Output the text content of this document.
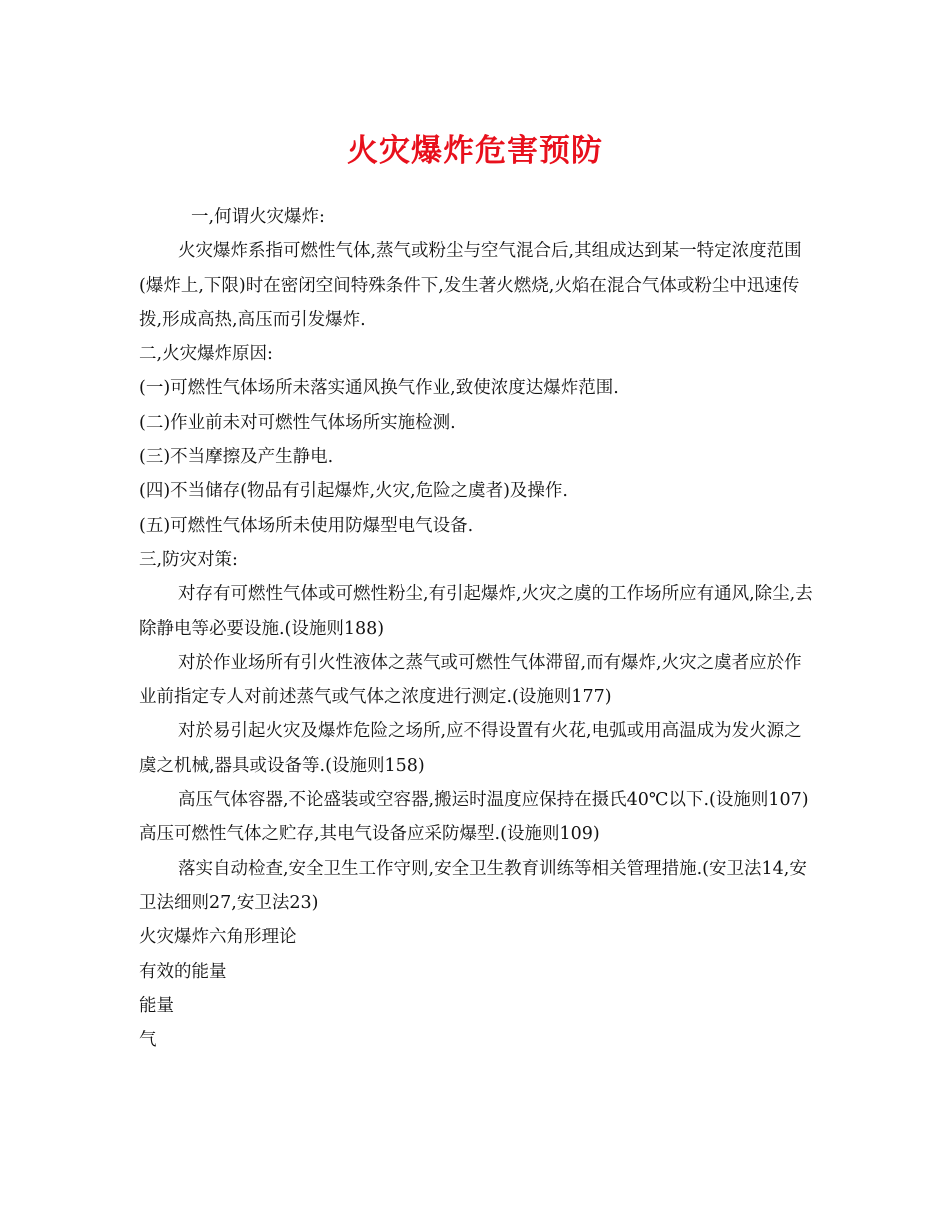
火灾爆炸危害预防

一,何谓火灾爆炸:

火灾爆炸系指可燃性气体,蒸气或粉尘与空气混合后,其组成达到某一特定浓度范围(爆炸上,下限)时在密闭空间特殊条件下,发生著火燃烧,火焰在混合气体或粉尘中迅速传拨,形成高热,高压而引发爆炸.

二,火灾爆炸原因:

(一)可燃性气体场所未落实通风换气作业,致使浓度达爆炸范围.

(二)作业前未对可燃性气体场所实施检测.

(三)不当摩擦及产生静电.

(四)不当储存(物品有引起爆炸,火灾,危险之虞者)及操作.

(五)可燃性气体场所未使用防爆型电气设备.

三,防灾对策:

对存有可燃性气体或可燃性粉尘,有引起爆炸,火灾之虞的工作场所应有通风,除尘,去除静电等必要设施.(设施则188)

对於作业场所有引火性液体之蒸气或可燃性气体滞留,而有爆炸,火灾之虞者应於作业前指定专人对前述蒸气或气体之浓度进行测定.(设施则177)

对於易引起火灾及爆炸危险之场所,应不得设置有火花,电弧或用高温成为发火源之虞之机械,器具或设备等.(设施则158)

高压气体容器,不论盛装或空容器,搬运时温度应保持在摄氏40℃以下.(设施则107)

高压可燃性气体之贮存,其电气设备应采防爆型.(设施则109)

落实自动检查,安全卫生工作守则,安全卫生教育训练等相关管理措施.(安卫法14,安卫法细则27,安卫法23)

火灾爆炸六角形理论

有效的能量

能量

气
